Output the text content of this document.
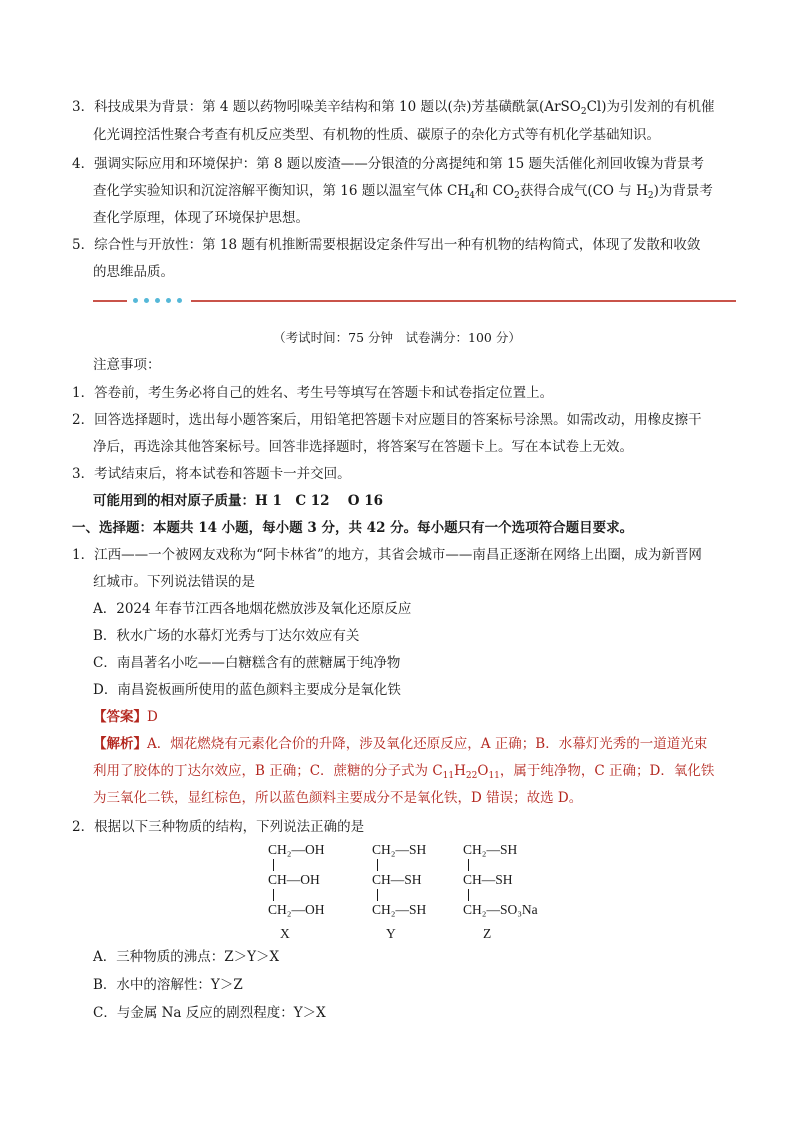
3．科技成果为背景：第 4 题以药物吲哚美辛结构和第 10 题以(杂)芳基磺酰氯(ArSO$_2$Cl)为引发剂的有机催
化光调控活性聚合考查有机反应类型、有机物的性质、碳原子的杂化方式等有机化学基础知识。
4．强调实际应用和环境保护：第 8 题以废渣——分银渣的分离提纯和第 15 题失活催化剂回收镍为背景考
查化学实验知识和沉淀溶解平衡知识，第 16 题以温室气体 $CH_4$和 $CO_2$获得合成气(CO 与 $H_2$)为背景考
查化学原理，体现了环境保护思想。
5．综合性与开放性：第 18 题有机推断需要根据设定条件写出一种有机物的结构简式，体现了发散和收敛
的思维品质。
（考试时间：75 分钟　试卷满分：100 分）
注意事项：
1．答卷前，考生务必将自己的姓名、考生号等填写在答题卡和试卷指定位置上。
2．回答选择题时，选出每小题答案后，用铅笔把答题卡对应题目的答案标号涂黑。如需改动，用橡皮擦干
净后，再选涂其他答案标号。回答非选择题时，将答案写在答题卡上。写在本试卷上无效。
3．考试结束后，将本试卷和答题卡一并交回。
可能用到的相对原子质量：H 1　C 12　 O 16
一、选择题：本题共 14 小题，每小题 3 分，共 42 分。每小题只有一个选项符合题目要求。
1．江西——一个被网友戏称为“阿卡林省”的地方，其省会城市——南昌正逐渐在网络上出圈，成为新晋网
红城市。下列说法错误的是
A．2024 年春节江西各地烟花燃放涉及氧化还原反应
B．秋水广场的水幕灯光秀与丁达尔效应有关
C．南昌著名小吃——白糖糕含有的蔗糖属于纯净物
D．南昌瓷板画所使用的蓝色颜料主要成分是氧化铁
【答案】D
【解析】A．烟花燃烧有元素化合价的升降，涉及氧化还原反应，A 正确；B．水幕灯光秀的一道道光束
利用了胶体的丁达尔效应，B 正确；C．蔗糖的分子式为 $C_{11}H_{22}O_{11}$，属于纯净物，C 正确；D．氧化铁
为三氧化二铁，显红棕色，所以蓝色颜料主要成分不是氧化铁，D 错误；故选 D。
2．根据以下三种物质的结构，下列说法正确的是
CH₂—OH
CH—OH
CH₂—OH
X
CH₂—SH
CH—SH
CH₂—SH
Y
CH₂—SH
CH—SH
CH₂—SO₃Na
Z
A．三种物质的沸点：Z＞Y＞X
B．水中的溶解性：Y＞Z
C．与金属 Na 反应的剧烈程度：Y＞X
